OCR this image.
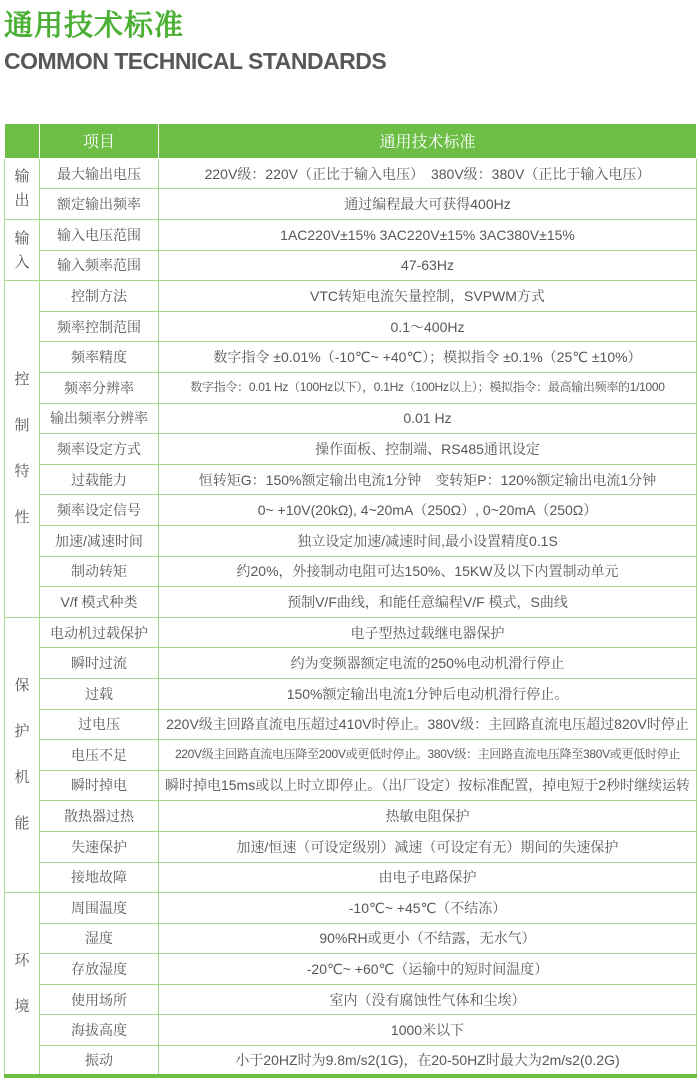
通用技术标准
COMMON TECHNICAL STANDARDS
	项目	通用技术标准

输
出	最大输出电压	220V级：220V（正比于输入电压）　380V级：380V（正比于输入电压）
	额定输出频率	通过编程最大可获得400Hz

输
入	输入电压范围	1AC220V±15% 3AC220V±15% 3AC380V±15%
	输入频率范围	47-63Hz

控
制
特
性	控制方法	VTC转矩电流矢量控制，SVPWM方式
	频率控制范围	0.1～400Hz
	频率精度	数字指令 ±0.01%（-10℃~ +40℃）；模拟指令 ±0.1%（25℃ ±10%）
	频率分辨率	数字指令：0.01 Hz（100Hz以下），0.1Hz（100Hz以上）；模拟指令：最高输出频率的1/1000
	输出频率分辨率	0.01 Hz
	频率设定方式	操作面板、控制端、RS485通讯设定
	过载能力	恒转矩G：150%额定输出电流1分钟　变转矩P：120%额定输出电流1分钟
	频率设定信号	0~ +10V(20kΩ), 4~20mA（250Ω）, 0~20mA（250Ω）
	加速/减速时间	独立设定加速/减速时间,最小设置精度0.1S
	制动转矩	约20%，外接制动电阻可达150%、15KW及以下内置制动单元
	V/f 模式种类	预制V/F曲线，和能任意编程V/F 模式，S曲线

保
护
机
能	电动机过载保护	电子型热过载继电器保护
	瞬时过流	约为变频器额定电流的250%电动机滑行停止
	过载	150%额定输出电流1分钟后电动机滑行停止。
	过电压	220V级主回路直流电压超过410V时停止。380V级：主回路直流电压超过820V时停止
	电压不足	220V级主回路直流电压降至200V或更低时停止。380V级：主回路直流电压降至380V或更低时停止
	瞬时掉电	瞬时掉电15ms或以上时立即停止。（出厂设定）按标准配置，掉电短于2秒时继续运转
	散热器过热	热敏电阻保护
	失速保护	加速/恒速（可设定级别）减速（可设定有无）期间的失速保护
	接地故障	由电子电路保护

环
境	周围温度	-10℃~ +45℃（不结冻）
	湿度	90%RH或更小（不结露，无水气）
	存放湿度	-20℃~ +60℃（运输中的短时间温度）
	使用场所	室内（没有腐蚀性气体和尘埃）
	海拔高度	1000米以下
	振动	小于20HZ时为9.8m/s2(1G)，在20-50HZ时最大为2m/s2(0.2G)
